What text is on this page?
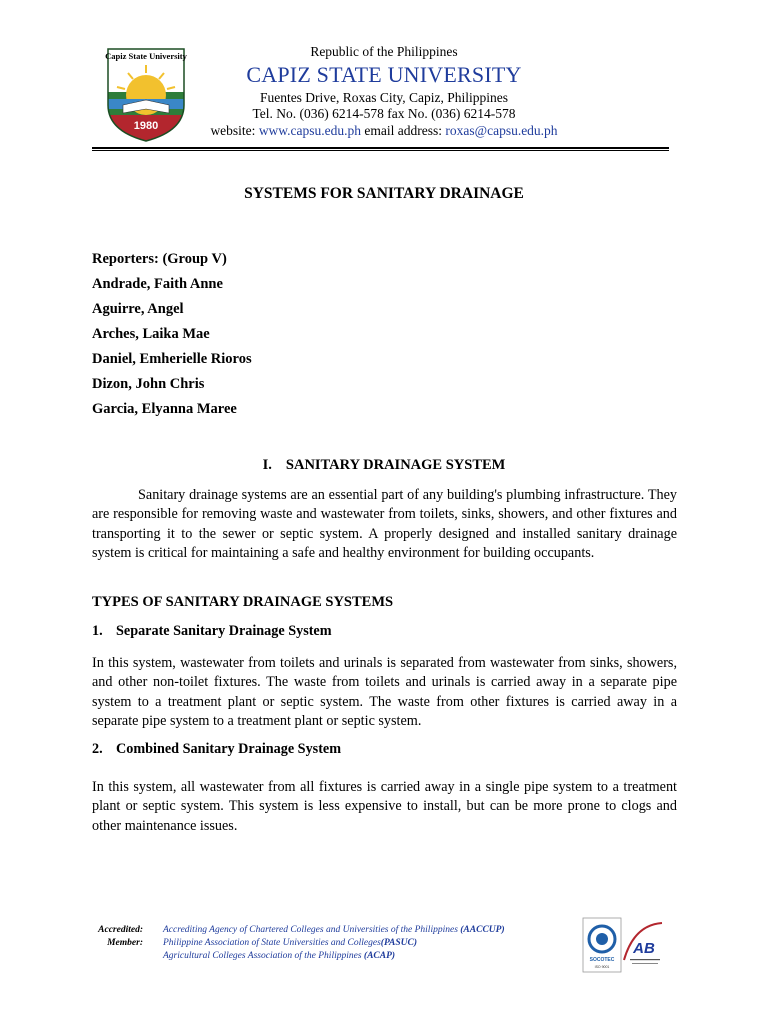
Capiz State University
1980
Republic of the Philippines
CAPIZ STATE UNIVERSITY
Fuentes Drive, Roxas City, Capiz, Philippines
Tel. No. (036) 6214-578 fax No. (036) 6214-578
website: www.capsu.edu.ph email address: roxas@capsu.edu.ph
SYSTEMS FOR SANITARY DRAINAGE
Reporters: (Group V)
Andrade, Faith Anne
Aguirre, Angel
Arches, Laika Mae
Daniel, Emherielle Rioros
Dizon, John Chris
Garcia, Elyanna Maree
I. SANITARY DRAINAGE SYSTEM
Sanitary drainage systems are an essential part of any building's plumbing infrastructure. They are responsible for removing waste and wastewater from toilets, sinks, showers, and other fixtures and transporting it to the sewer or septic system. A properly designed and installed sanitary drainage system is critical for maintaining a safe and healthy environment for building occupants.
TYPES OF SANITARY DRAINAGE SYSTEMS
1. Separate Sanitary Drainage System
In this system, wastewater from toilets and urinals is separated from wastewater from sinks, showers, and other non-toilet fixtures. The waste from toilets and urinals is carried away in a separate pipe system to a treatment plant or septic system. The waste from other fixtures is carried away in a separate pipe system to a treatment plant or septic system.
2. Combined Sanitary Drainage System
In this system, all wastewater from all fixtures is carried away in a single pipe system to a treatment plant or septic system. This system is less expensive to install, but can be more prone to clogs and other maintenance issues.
Accredited:
Member:
Accrediting Agency of Chartered Colleges and Universities of the Philippines (AACCUP)
Philippine Association of State Universities and Colleges(PASUC)
Agricultural Colleges Association of the Philippines (ACAP)	SOCOTEC
ISO 9001
AB
